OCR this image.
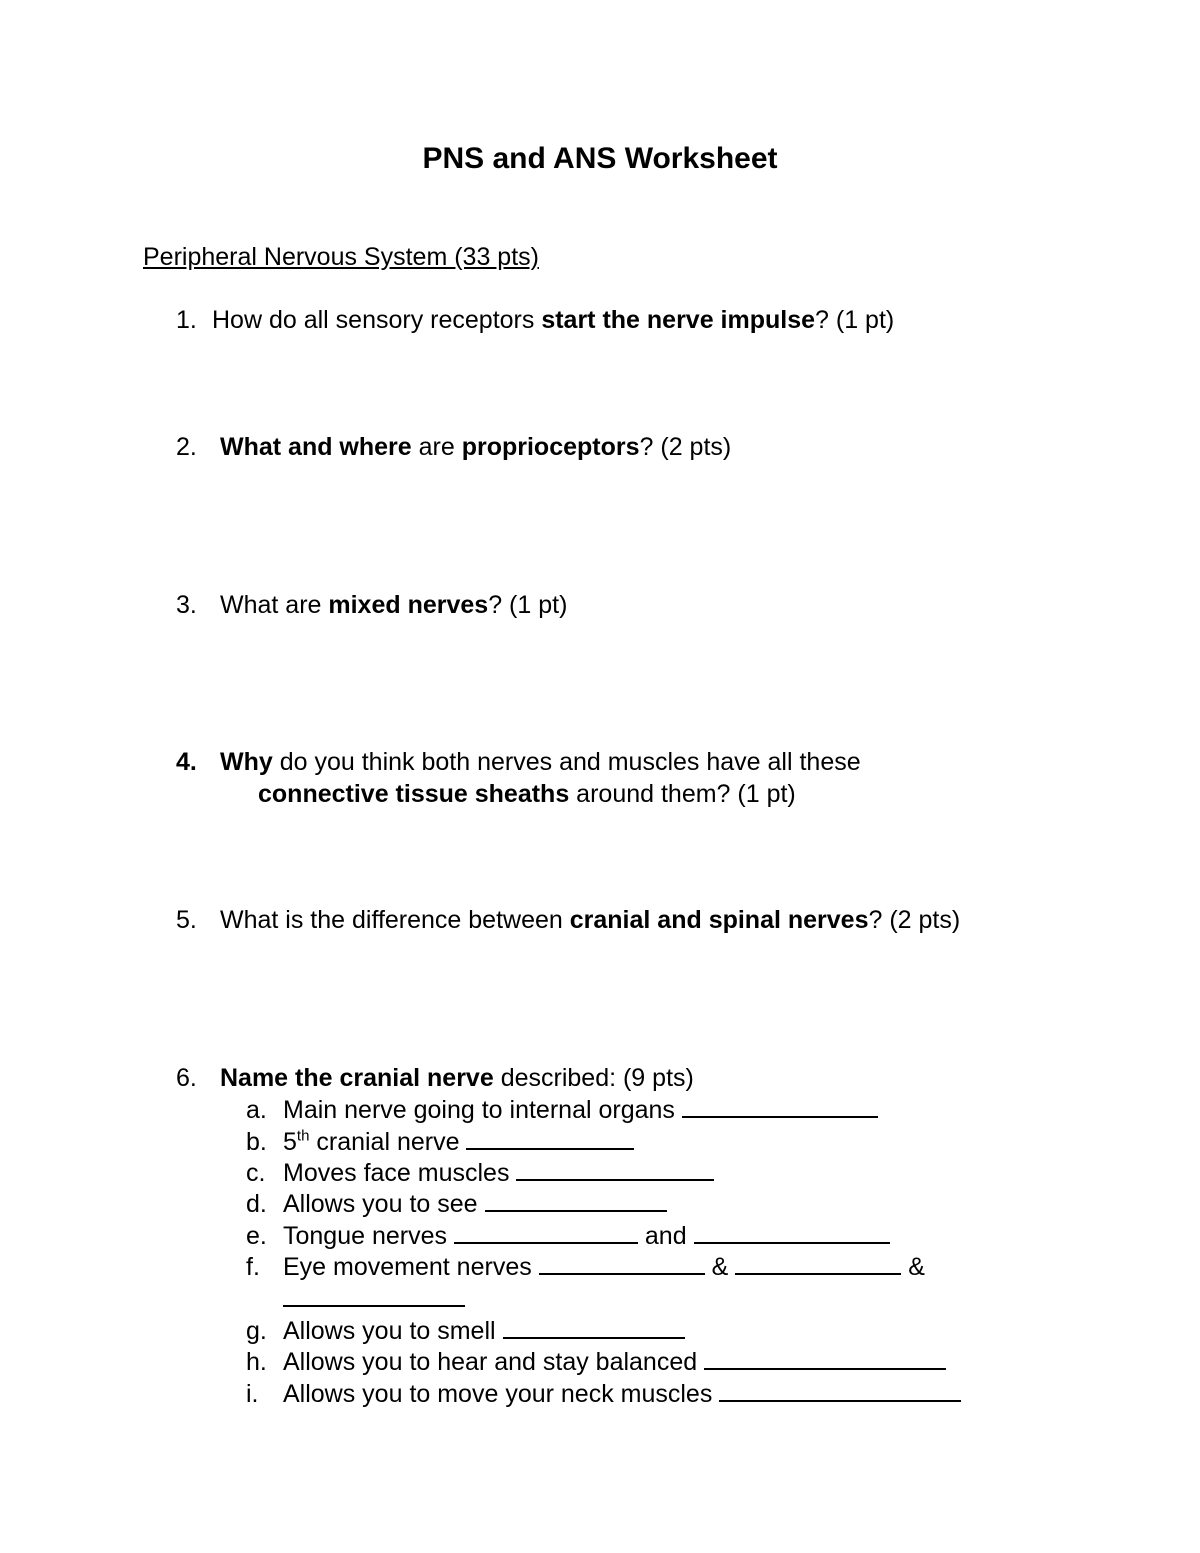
PNS and ANS Worksheet
Peripheral Nervous System (33 pts)
1. How do all sensory receptors start the nerve impulse? (1 pt)
2. What and where are proprioceptors? (2 pts)
3. What are mixed nerves? (1 pt)
4. Why do you think both nerves and muscles have all these
connective tissue sheaths around them? (1 pt)
5. What is the difference between cranial and spinal nerves? (2 pts)
6. Name the cranial nerve described: (9 pts)
a. Main nerve going to internal organs
b. 5th cranial nerve
c. Moves face muscles
d. Allows you to see
e. Tongue nerves	and
f. Eye movement nerves	&	&
g. Allows you to smell
h. Allows you to hear and stay balanced
i. Allows you to move your neck muscles
